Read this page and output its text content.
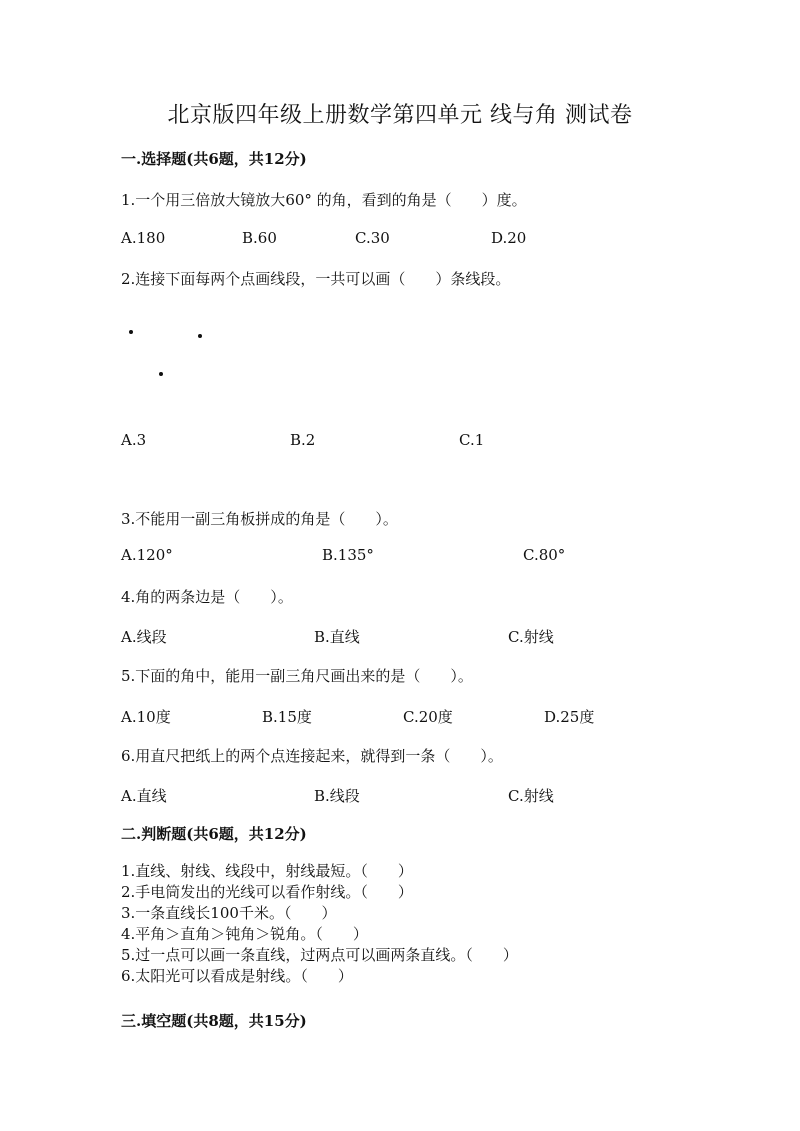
北京版四年级上册数学第四单元 线与角 测试卷
一.选择题(共6题，共12分)
1.一个用三倍放大镜放大60° 的角，看到的角是（　　）度。
A.180	B.60	C.30	D.20
2.连接下面每两个点画线段，一共可以画（　　）条线段。
A.3	B.2	C.1
3.不能用一副三角板拼成的角是（　　）。
A.120°	B.135°	C.80°
4.角的两条边是（　　）。
A.线段	B.直线	C.射线
5.下面的角中，能用一副三角尺画出来的是（　　）。
A.10度	B.15度	C.20度	D.25度
6.用直尺把纸上的两个点连接起来，就得到一条（　　）。
A.直线	B.线段	C.射线
二.判断题(共6题，共12分)
1.直线、射线、线段中，射线最短。（　　）
2.手电筒发出的光线可以看作射线。（　　）
3.一条直线长100千米。（　　）
4.平角＞直角＞钝角＞锐角。（　　）
5.过一点可以画一条直线，过两点可以画两条直线。（　　）
6.太阳光可以看成是射线。（　　）
三.填空题(共8题，共15分)
